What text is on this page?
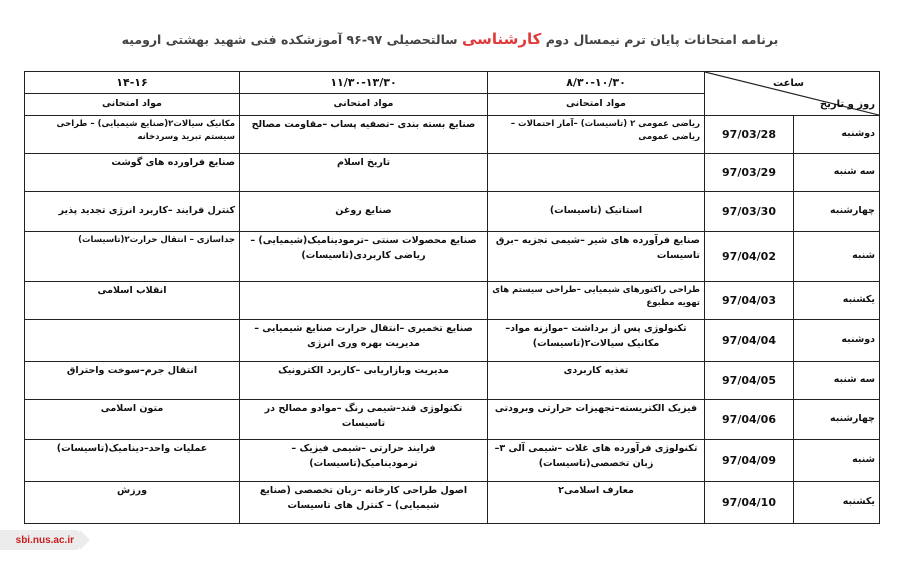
برنامه امتحانات پایان ترم نیمسال دوم کارشناسی سالتحصیلی ۹۷-۹۶ آموزشکده فنی شهید بهشتی ارومیه
ساعت
روز و تاریخ		۸/۳۰-۱۰/۳۰	۱۱/۳۰-۱۳/۳۰	۱۴-۱۶
		مواد امتحانی	مواد امتحانی	مواد امتحانی
دوشنبه	97/03/28	ریاضی عمومی ۲ (تاسیسات) –آمار احتمالات –ریاضی عمومی	صنایع بسته بندی –تصفیه پساب –مقاومت مصالح	مکانیک سیالات۲(صنایع شیمیایی) – طراحی سیستم تبرید وسردخانه
سه شنبه	97/03/29		تاریخ اسلام	صنایع فراورده های گوشت
چهارشنبه	97/03/30	استاتیک (تاسیسات)	صنایع روغن	کنترل فرایند –کاربرد انرژی تجدید پذیر
شنبه	97/04/02	صنایع فرآورده های شیر –شیمی تجزیه –برق تاسیسات	صنایع محصولات سنتی –ترمودینامیک(شیمیایی) – ریاضی کاربردی(تاسیسات)	جداسازی – انتقال حرارت۲(تاسیسات)
یکشنبه	97/04/03	طراحی راکتورهای شیمیایی –طراحی سیستم های تهویه مطبوع		انقلاب اسلامی
دوشنبه	97/04/04	تکنولوژی پس از برداشت –موازنه مواد– مکانیک سیالات۲(تاسیسات)	صنایع تخمیری –انتقال حرارت صنایع شیمیایی – مدیریت بهره وری انرژی	
سه شنبه	97/04/05	تغذیه کاربردی	مدیریت وبازاریابی –کاربرد الکترونیک	انتقال جرم–سوخت واحتراق
چهارشنبه	97/04/06	فیزیک الکتریسته–تجهیزات حرارتی وبرودتی	تکنولوژی قند–شیمی رنگ –موادو مصالح در تاسیسات	متون اسلامی
شنبه	97/04/09	تکنولوژی فرآورده های غلات –شیمی آلی ۳– زبان تخصصی(تاسیسات)	فرایند حرارتی –شیمی فیزیک –ترمودینامیک(تاسیسات)	عملیات واحد–دینامیک(تاسیسات)
یکشنبه	97/04/10	معارف اسلامی۲	اصول طراحی کارخانه –زبان تخصصی (صنایع شیمیایی) – کنترل های تاسیسات	ورزش
sbi.nus.ac.ir
